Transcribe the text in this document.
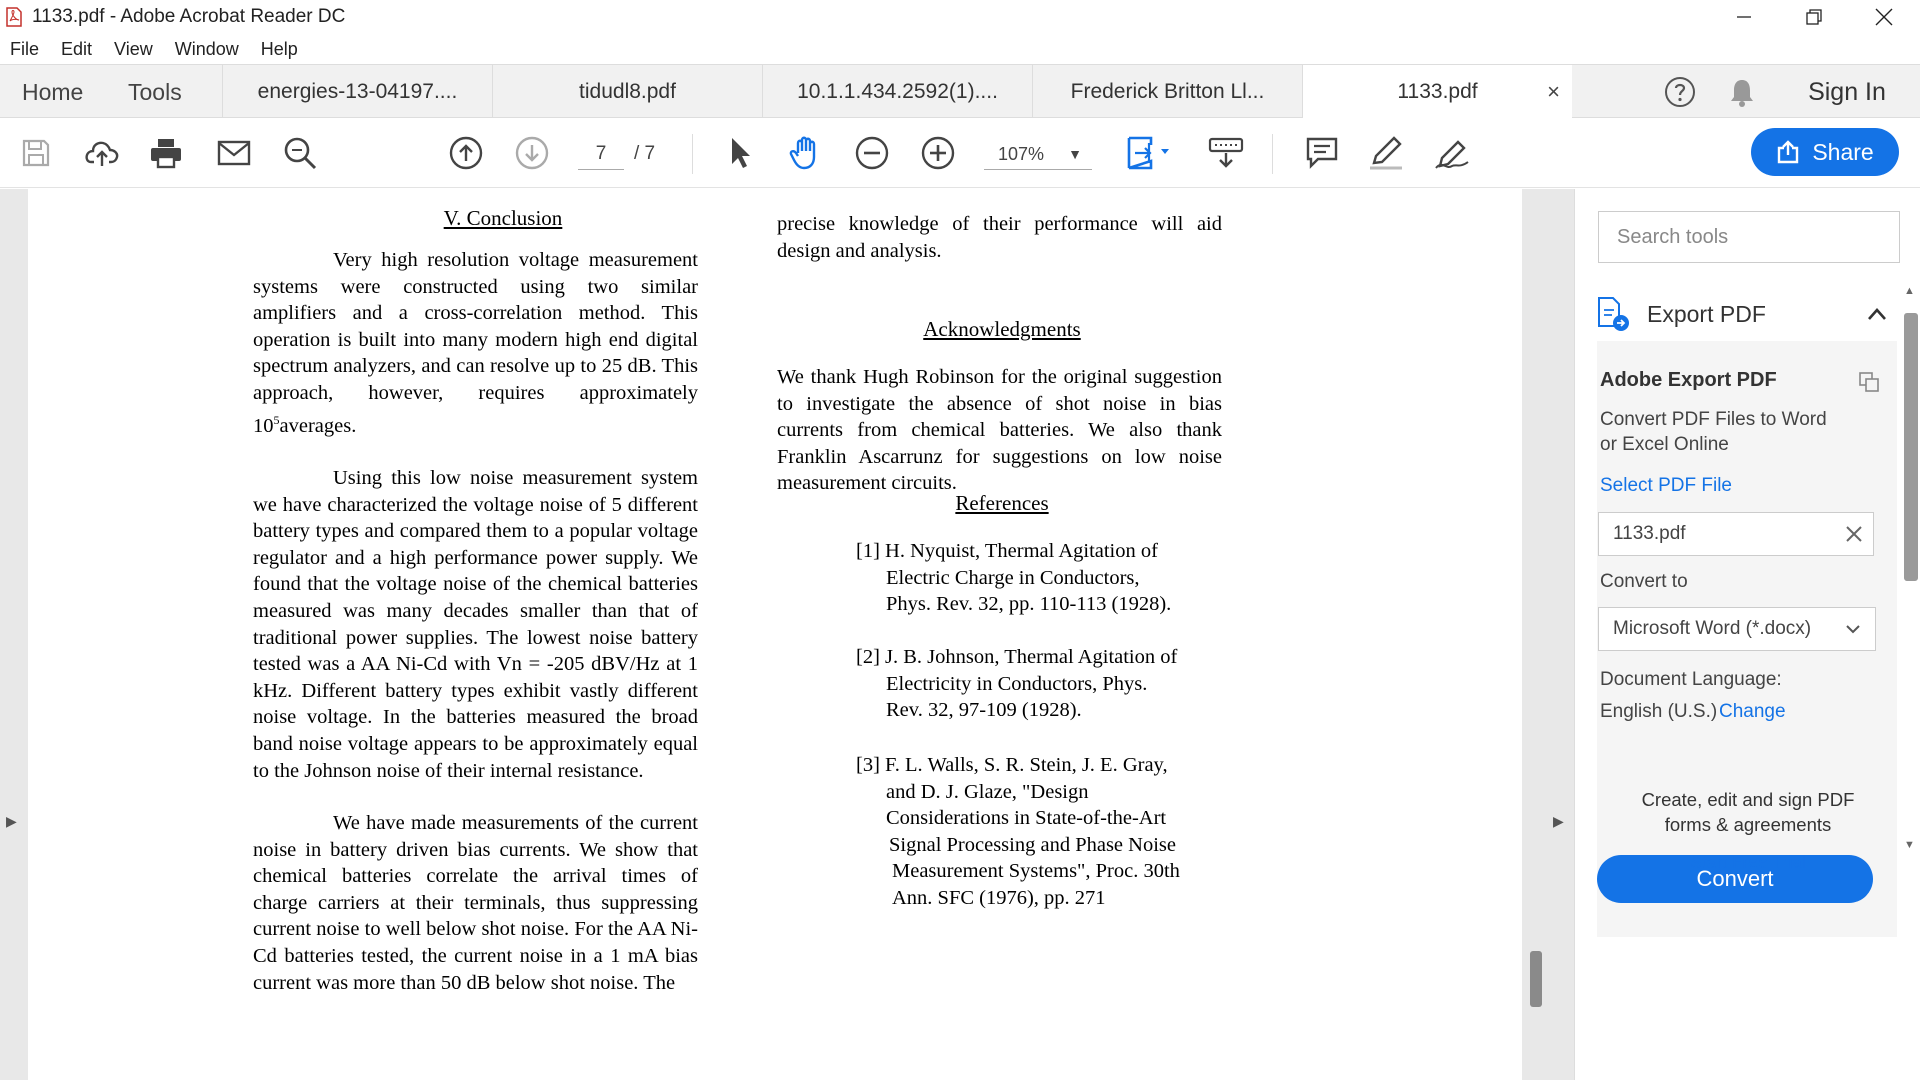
1133.pdf - Adobe Acrobat Reader DC
File Edit View Window Help
Home Tools	energies-13-04197....	tidudl8.pdf	10.1.1.434.2592(1)....	Frederick Britton Ll...	1133.pdf	×	Sign In
7	/ 7	107% ▼	Share
V. Conclusion

Very high resolution voltage measurement systems were constructed using two similar amplifiers and a cross-correlation method. This operation is built into many modern high end digital spectrum analyzers, and can resolve up to 25 dB. This approach, however, requires approximately $10^5averages$.

Using this low noise measurement system we have characterized the voltage noise of 5 different battery types and compared them to a popular voltage regulator and a high performance power supply. We found that the voltage noise of the chemical batteries measured was many decades smaller than that of traditional power supplies. The lowest noise battery tested was a AA Ni-Cd with Vn = -205 dBV/Hz at 1 kHz. Different battery types exhibit vastly different noise voltage. In the batteries measured the broad band noise voltage appears to be approximately equal to the Johnson noise of their internal resistance.

We have made measurements of the current noise in battery driven bias currents. We show that chemical batteries correlate the arrival times of charge carriers at their terminals, thus suppressing current noise to well below shot noise. For the AA Ni-Cd batteries tested, the current noise in a 1 mA bias current was more than 50 dB below shot noise. The

precise knowledge of their performance will aid design and analysis.
Acknowledgments
We thank Hugh Robinson for the original suggestion to investigate the absence of shot noise in bias currents from chemical batteries. We also thank Franklin Ascarrunz for suggestions on low noise measurement circuits.
References
[1] H. Nyquist, Thermal Agitation of
Electric Charge in Conductors,
Phys. Rev. 32, pp. 110-113 (1928).
[2] J. B. Johnson, Thermal Agitation of
Electricity in Conductors, Phys.
Rev. 32, 97-109 (1928).
[3] F. L. Walls, S. R. Stein, J. E. Gray,
and D. J. Glaze, "Design
Considerations in State-of-the-Art
Signal Processing and Phase Noise
Measurement Systems", Proc. 30th
Ann. SFC (1976), pp. 271
▶	▶
Search tools
Export PDF
▲
▼
Adobe Export PDF
Convert PDF Files to Word
or Excel Online
Select PDF File
1133.pdf
Convert to
Microsoft Word (*.docx)
Document Language:
English (U.S.) Change
Convert
Create, edit and sign PDF
forms & agreements
Start Free Trial
